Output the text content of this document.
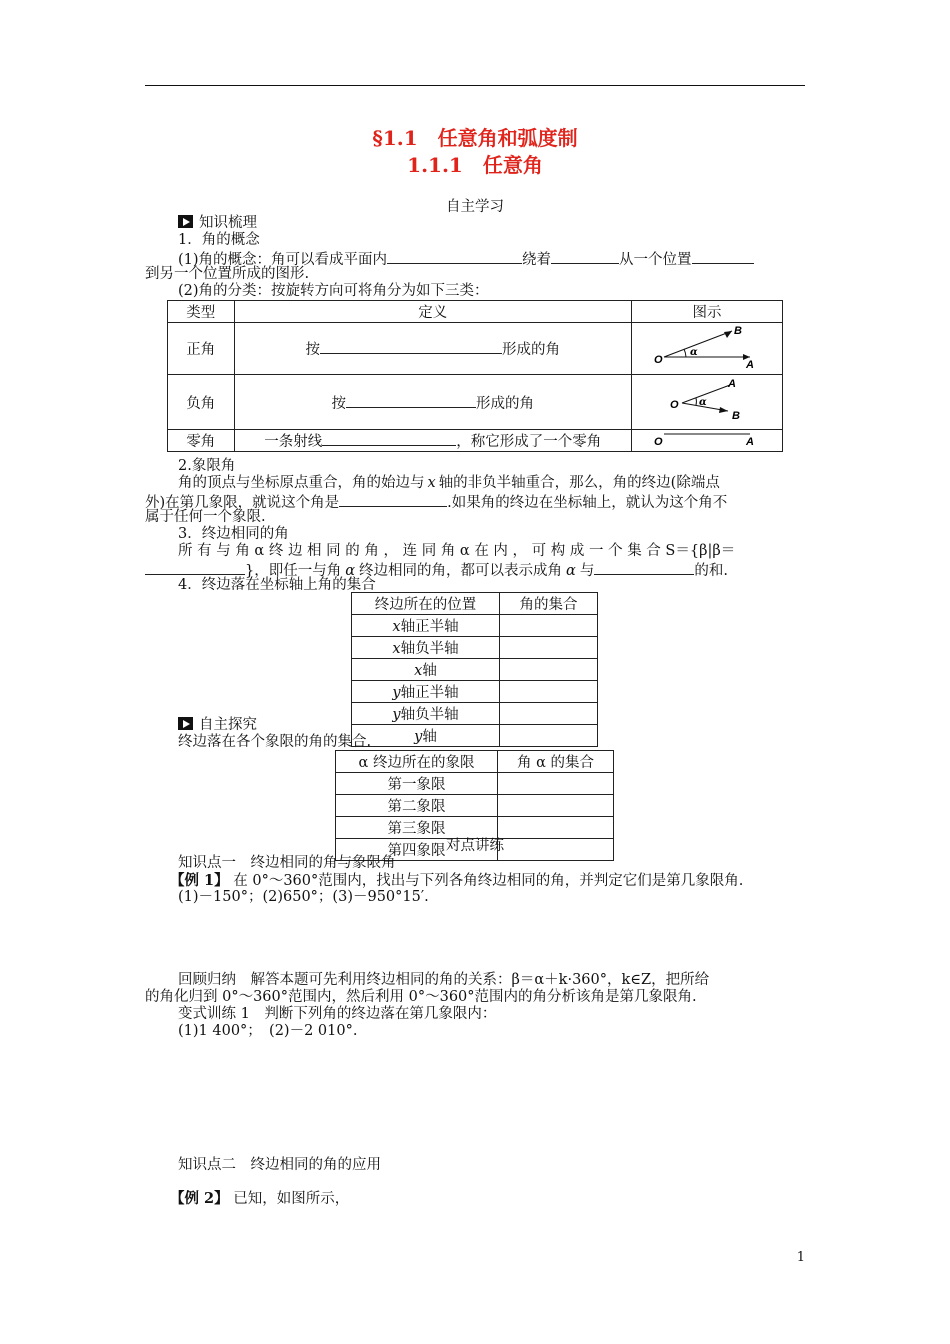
§1.1　任意角和弧度制
1.1.1　任意角
自主学习
知识梳理
1．角的概念
(1)角的概念：角可以看成平面内	绕着	从一个位置
到另一个位置所成的图形.
(2)角的分类：按旋转方向可将角分为如下三类：
类型	定义	图示
正角	按 形成的角	O A
B
α

负角	按 形成的角	O
A
B
α

零角	一条射线 ，称它形成了一个零角	O A
2.象限角
角的顶点与坐标原点重合，角的始边与 x 轴的非负半轴重合，那么，角的终边(除端点
外)在第几象限，就说这个角是	.如果角的终边在坐标轴上，就认为这个角不
属于任何一个象限.
3．终边相同的角
所 有 与 角 α 终 边 相 同 的 角 ， 连 同 角 α 在 内 ， 可 构 成 一 个 集 合 S＝{β|β＝
}，即任一与角 α 终边相同的角，都可以表示成角 α 与	的和.
4．终边落在坐标轴上角的集合
终边所在的位置	角的集合
x轴正半轴	
x轴负半轴	
x轴	
y轴正半轴	
y轴负半轴	
y轴	
自主探究
终边落在各个象限的角的集合.
α 终边所在的象限	角 α 的集合
第一象限	
第二象限	
第三象限	
第四象限	对点讲练
知识点一　终边相同的角与象限角
【例 1】 在 0°～360°范围内，找出与下列各角终边相同的角，并判定它们是第几象限角.
(1)－150°；(2)650°；(3)－950°15′.
回顾归纳　解答本题可先利用终边相同的角的关系：β＝α＋k·360°，k∈Z，把所给
的角化归到 0°～360°范围内，然后利用 0°～360°范围内的角分析该角是第几象限角.
变式训练 1　判断下列角的终边落在第几象限内：
(1)1 400°；　(2)－2 010°.
知识点二　终边相同的角的应用
【例 2】 已知，如图所示，
1
